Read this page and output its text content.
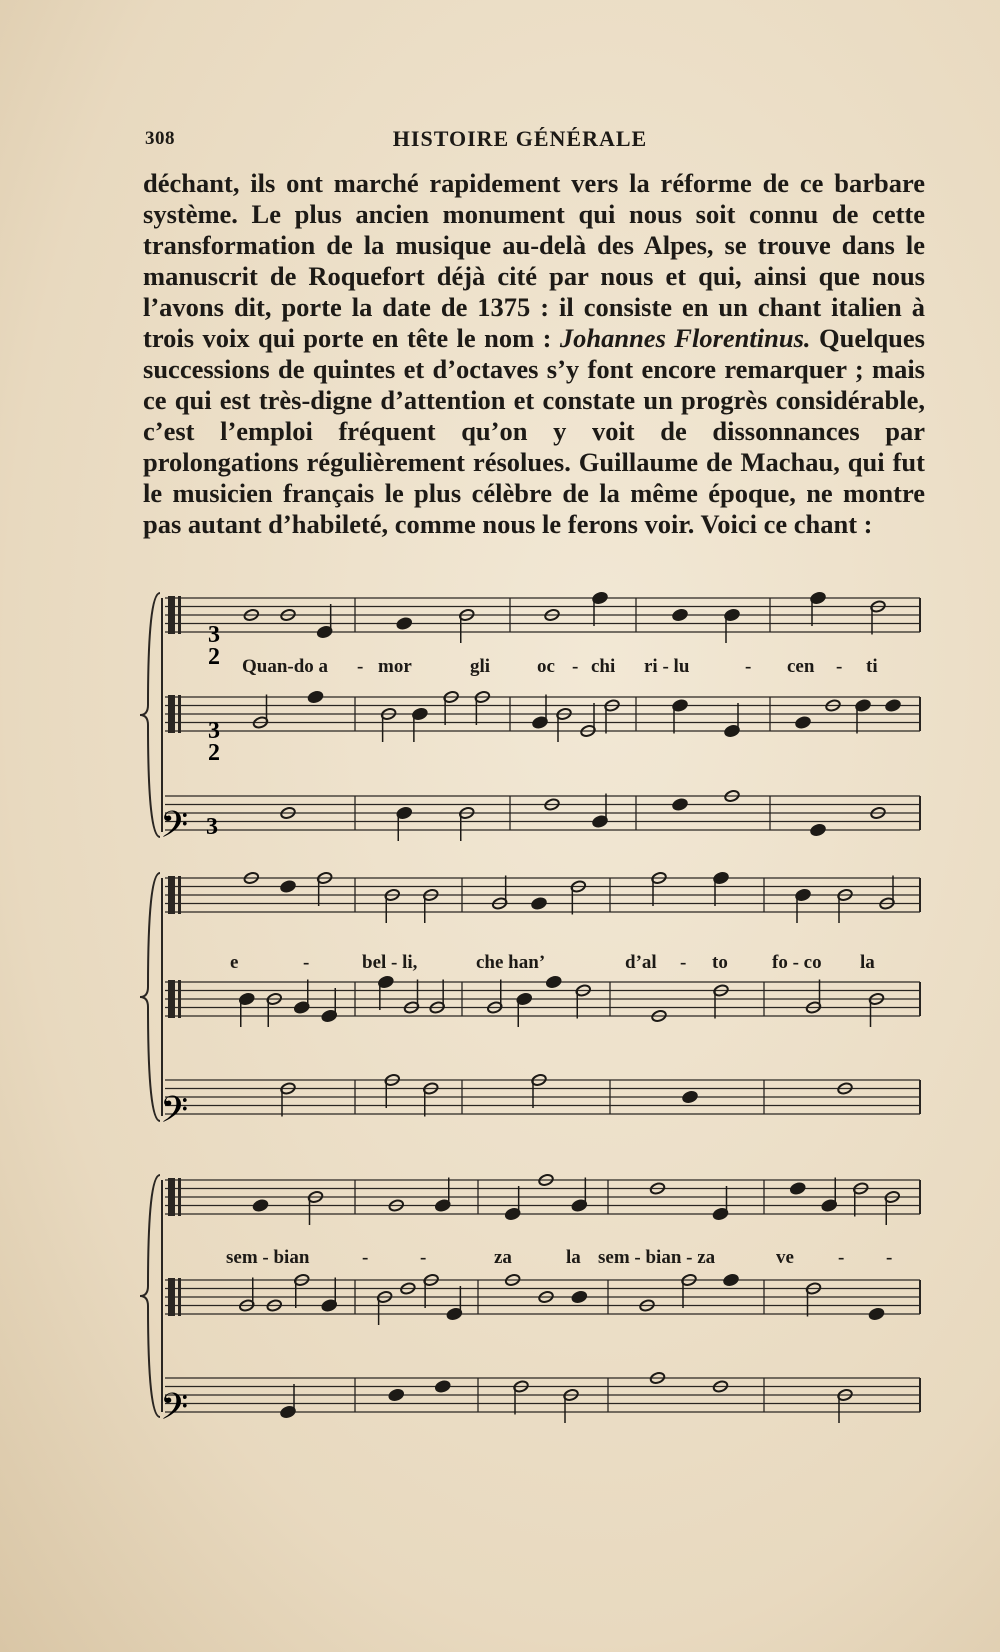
308	HISTOIRE GÉNÉRALE

déchant, ils ont marché rapidement vers la réforme de ce barbare système. Le plus ancien monument qui nous soit connu de cette transformation de la musique au-delà des Alpes, se trouve dans le manuscrit de Roquefort déjà cité par nous et qui, ainsi que nous l’avons dit, porte la date de 1375 : il consiste en un chant italien à trois voix qui porte en tête le nom : Johannes Florentinus. Quelques successions de quintes et d’octaves s’y font encore remarquer ; mais ce qui est très-digne d’attention et constate un progrès considérable, c’est l’emploi fréquent qu’on y voit de dissonnances par prolongations régulièrement résolues. Guillaume de Machau, qui fut le musicien français le plus célèbre de la même époque, ne montre pas autant d’habileté, comme nous le ferons voir. Voici ce chant :

3
2
3
2
3
𝄢
𝄢
𝄢
Quan-do a - mor	gli oc - chi ri - lu	- cen - ti
e	-	bel - li,	che han’	d’al - to fo - co la
sem - bian	-	-	za	la sem - bian - za	ve - -
